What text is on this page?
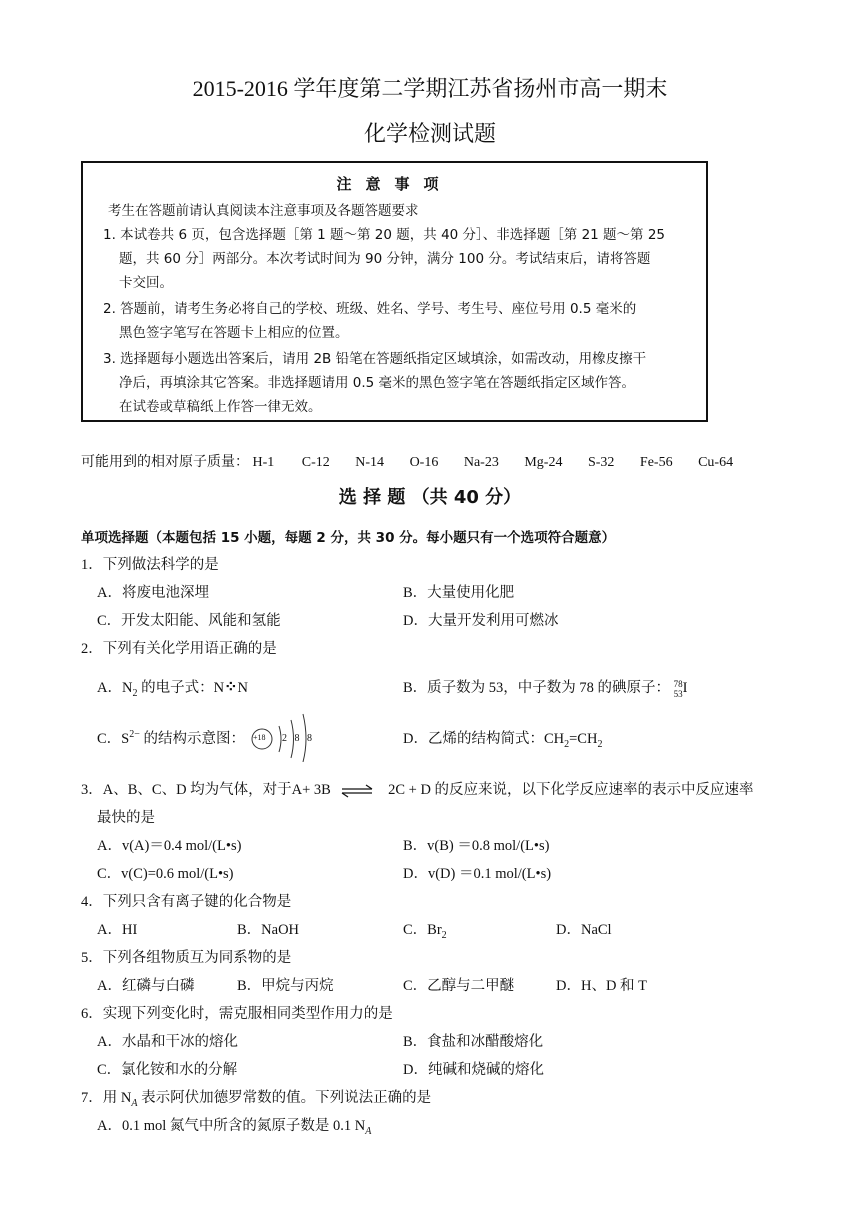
2015-2016 学年度第二学期江苏省扬州市高一期末
化学检测试题
注意事项
考生在答题前请认真阅读本注意事项及各题答题要求
1. 本试卷共 6 页，包含选择题［第 1 题～第 20 题，共 40 分］、非选择题［第 21 题～第 25
题，共 60 分］两部分。本次考试时间为 90 分钟，满分 100 分。考试结束后，请将答题
卡交回。
2. 答题前，请考生务必将自己的学校、班级、姓名、学号、考生号、座位号用 0.5 毫米的
黑色签字笔写在答题卡上相应的位置。
3. 选择题每小题选出答案后，请用 2B 铅笔在答题纸指定区域填涂，如需改动，用橡皮擦干
净后，再填涂其它答案。非选择题请用 0.5 毫米的黑色签字笔在答题纸指定区域作答。
在试卷或草稿纸上作答一律无效。
可能用到的相对原子质量： H-1 C-12 N-14 O-16 Na-23 Mg-24 S-32 Fe-56 Cu-64
选 择 题 （共 40 分）
单项选择题（本题包括 15 小题，每题 2 分，共 30 分。每小题只有一个选项符合题意）
1．下列做法科学的是
A．将废电池深埋	B．大量使用化肥
C．开发太阳能、风能和氢能	D．大量开发利用可燃冰
2．下列有关化学用语正确的是
A．$N_2$ 的电子式：N⁘N	B．质子数为 53，中子数为 78 的碘原子： 78
53 I
C．$S^{2-}$ 的结构示意图： +18 2 8 8	D．乙烯的结构简式：$CH_2=CH_2$
3．A、B、C、D 均为气体，对于A+ 3B ⇌ 2C + D 的反应来说，以下化学反应速率的表示中反应速率
最快的是
A．v(A)＝0.4 mol/(L•s)	B．v(B) ＝0.8 mol/(L•s)
C．v(C)=0.6 mol/(L•s)	D．v(D) ＝0.1 mol/(L•s)
4．下列只含有离子键的化合物是
A．HI	B．NaOH	C．$Br_2$	D．NaCl
5．下列各组物质互为同系物的是
A．红磷与白磷	B．甲烷与丙烷	C．乙醇与二甲醚	D．H、D 和 T
6．实现下列变化时，需克服相同类型作用力的是
A．水晶和干冰的熔化	B．食盐和冰醋酸熔化
C．氯化铵和水的分解	D．纯碱和烧碱的熔化
7．用 $N_A$ 表示阿伏加德罗常数的值。下列说法正确的是
A．0.1 mol 氮气中所含的氮原子数是 0.1 $N_A$
